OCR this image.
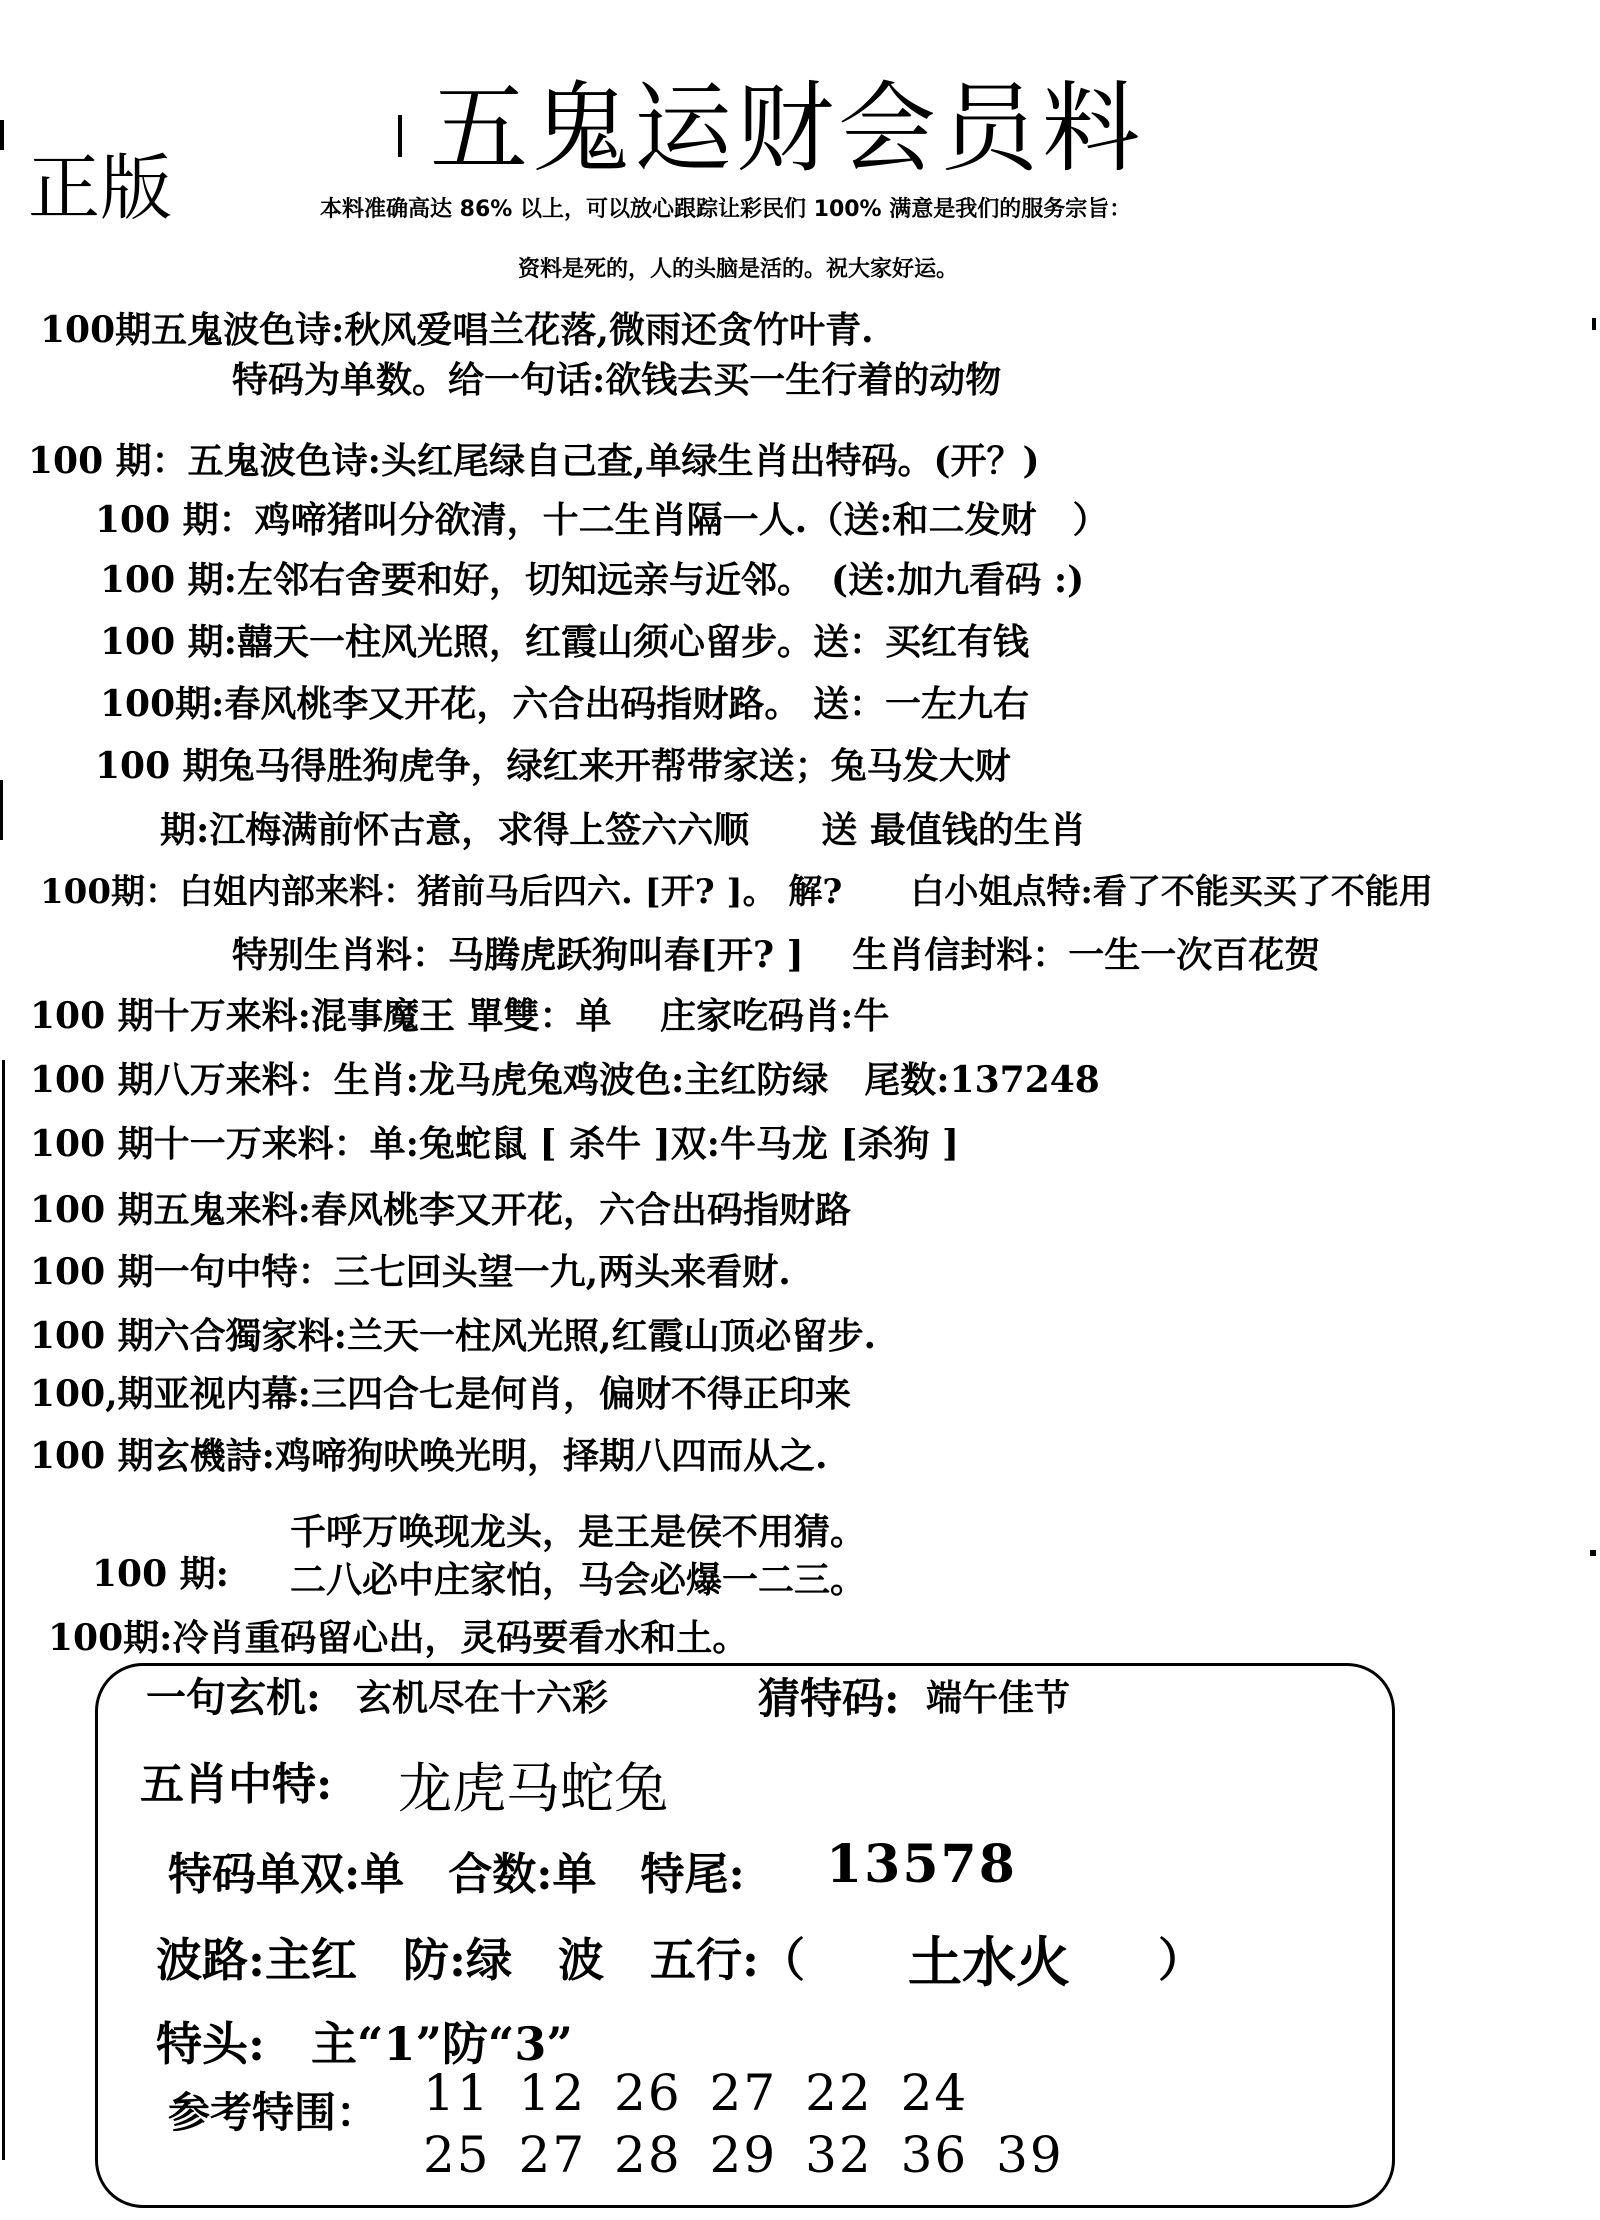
五鬼运财会员料
正版	本料准确高达 86% 以上，可以放心跟踪让彩民们 100% 满意是我们的服务宗旨：
资料是死的，人的头脑是活的。祝大家好运。
100期五鬼波色诗:秋风爱唱兰花落,微雨还贪竹叶青.
特码为单数。给一句话:欲钱去买一生行着的动物
100 期：五鬼波色诗:头红尾绿自己查,单绿生肖出特码。(开？)
100 期：鸡啼猪叫分欲清，十二生肖隔一人.（送:和二发财　）
100 期:左邻右舍要和好，切知远亲与近邻。　(送:加九看码 :)
100 期:囍天一柱风光照，红霞山须心留步。送：买红有钱
100期:春风桃李又开花，六合出码指财路。 送：一左九右
100 期兔马得胜狗虎争，绿红来开帮带家送；兔马发大财
期:江梅满前怀古意，求得上签六六顺　　送 最值钱的生肖
100期：白姐内部来料：猪前马后四六. [开? ]。 解?　　白小姐点特:看了不能买买了不能用
特别生肖料：马腾虎跃狗叫春[开? ]　 生肖信封料：一生一次百花贺
100 期十万来料:混事魔王 單雙：单　 庄家吃码肖:牛
100 期八万来料：生肖:龙马虎兔鸡波色:主红防绿　尾数:137248
100 期十一万来料：单:兔蛇鼠 [ 杀牛 ]双:牛马龙 [杀狗 ]
100 期五鬼来料:春风桃李又开花，六合出码指财路
100 期一句中特：三七回头望一九,两头来看财.
100 期六合獨家料:兰天一柱风光照,红霞山顶必留步.
100,期亚视内幕:三四合七是何肖，偏财不得正印来
100 期玄機詩:鸡啼狗吠唤光明，择期八四而从之.
千呼万唤现龙头，是王是侯不用猜。
100 期: 二八必中庄家怕，马会必爆一二三。
100期:冷肖重码留心出，灵码要看水和土。
一句玄机: 玄机尽在十六彩	猜特码: 端午佳节
五肖中特: 龙虎马蛇兔
特码单双:单　合数:单　特尾: 13578
波路:主红　防:绿　波　五行:（ 土水火 ）
特头:　主“1”防“3”
参考特围： 11 12 26 27 22 24
25 27 28 29 32 36 39
